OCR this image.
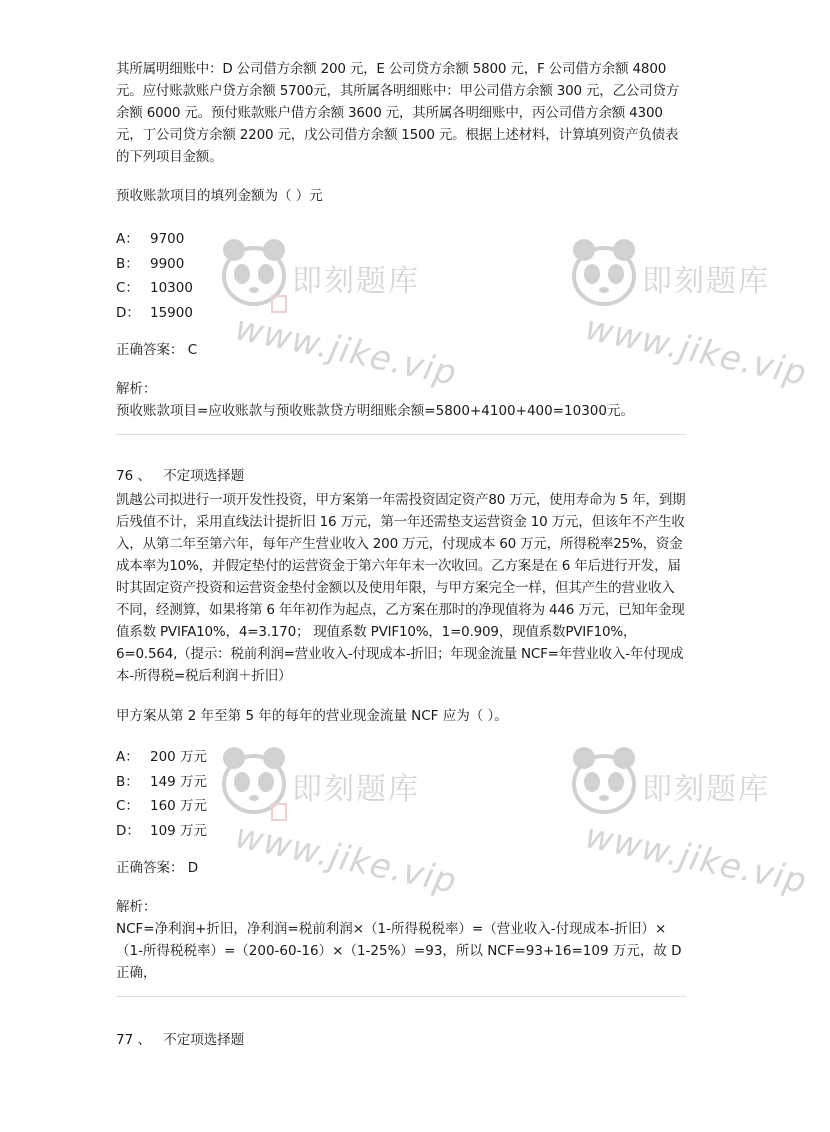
即刻题库
www.jike.vip
即刻题库
www.jike.vip
即刻题库
www.jike.vip
即刻题库
www.jike.vip

其所属明细账中：D 公司借方余额 200 元，E 公司贷方余额 5800 元，F 公司借方余额 4800 元。应付账款账户贷方余额 5700元，其所属各明细账中：甲公司借方余额 300 元，乙公司贷方余额 6000 元。预付账款账户借方余额 3600 元，其所属各明细账中，丙公司借方余额 4300 元，丁公司贷方余额 2200 元，戊公司借方余额 1500 元。根据上述材料，计算填列资产负债表的下列项目金额。

预收账款项目的填列金额为（ ）元

A： 9700
B： 9900
C： 10300
D： 15900

正确答案： C

解析：

预收账款项目=应收账款与预收账款贷方明细账余额=5800+4100+400=10300元。

76 、 不定项选择题

凯越公司拟进行一项开发性投资，甲方案第一年需投资固定资产80 万元，使用寿命为 5 年，到期后残值不计，采用直线法计提折旧 16 万元，第一年还需垫支运营资金 10 万元，但该年不产生收入，从第二年至第六年，每年产生营业收入 200 万元，付现成本 60 万元，所得税率25%，资金成本率为10%，并假定垫付的运营资金于第六年年末一次收回。乙方案是在 6 年后进行开发，届时其固定资产投资和运营资金垫付金额以及使用年限，与甲方案完全一样，但其产生的营业收入不同，经测算，如果将第 6 年年初作为起点，乙方案在那时的净现值将为 446 万元，已知年金现值系数 PVIFA10%，4=3.170； 现值系数 PVIF10%，1=0.909，现值系数PVIF10%，6=0.564,（提示：税前利润=营业收入-付现成本-折旧；年现金流量 NCF=年营业收入-年付现成本-所得税=税后利润＋折旧）

甲方案从第 2 年至第 5 年的每年的营业现金流量 NCF 应为（ ）。

A： 200 万元
B： 149 万元
C： 160 万元
D： 109 万元

正确答案： D

解析：

NCF=净利润+折旧，净利润=税前利润×（1-所得税税率）=（营业收入-付现成本-折旧）×（1-所得税税率）=（200-60-16）×（1-25%）=93，所以 NCF=93+16=109 万元，故 D 正确，

77 、 不定项选择题
